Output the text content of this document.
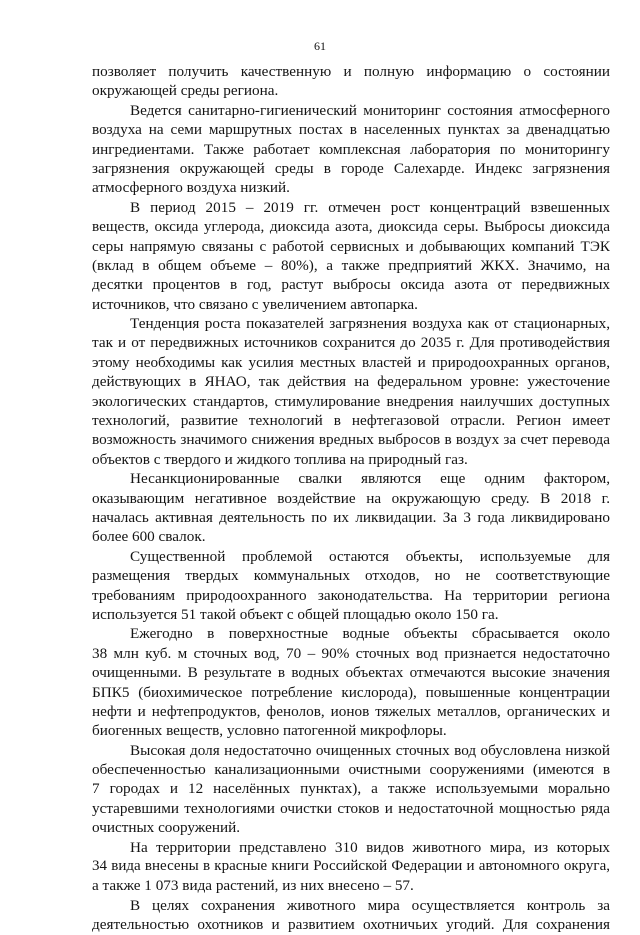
61
позволяет получить качественную и полную информацию о состоянии
окружающей среды региона.
Ведется санитарно-гигиенический мониторинг состояния атмосферного
воздуха на семи маршрутных постах в населенных пунктах за двенадцатью
ингредиентами. Также работает комплексная лаборатория по мониторингу
загрязнения окружающей среды в городе Салехарде. Индекс загрязнения
атмосферного воздуха низкий.
В период 2015 – 2019 гг. отмечен рост концентраций взвешенных
веществ, оксида углерода, диоксида азота, диоксида серы. Выбросы диоксида
серы напрямую связаны с работой сервисных и добывающих компаний ТЭК
(вклад в общем объеме – 80%), а также предприятий ЖКХ. Значимо, на
десятки процентов в год, растут выбросы оксида азота от передвижных
источников, что связано с увеличением автопарка.
Тенденция роста показателей загрязнения воздуха как от стационарных,
так и от передвижных источников сохранится до 2035 г. Для противодействия
этому необходимы как усилия местных властей и природоохранных органов,
действующих в ЯНАО, так действия на федеральном уровне: ужесточение
экологических стандартов, стимулирование внедрения наилучших доступных
технологий, развитие технологий в нефтегазовой отрасли. Регион имеет
возможность значимого снижения вредных выбросов в воздух за счет перевода
объектов с твердого и жидкого топлива на природный газ.
Несанкционированные свалки являются еще одним фактором,
оказывающим негативное воздействие на окружающую среду. В 2018 г.
началась активная деятельность по их ликвидации. За 3 года ликвидировано
более 600 свалок.
Существенной проблемой остаются объекты, используемые для
размещения твердых коммунальных отходов, но не соответствующие
требованиям природоохранного законодательства. На территории региона
используется 51 такой объект с общей площадью около 150 га.
Ежегодно в поверхностные водные объекты сбрасывается около
38 млн куб. м сточных вод, 70 – 90% сточных вод признается недостаточно
очищенными. В результате в водных объектах отмечаются высокие значения
БПК5 (биохимическое потребление кислорода), повышенные концентрации
нефти и нефтепродуктов, фенолов, ионов тяжелых металлов, органических и
биогенных веществ, условно патогенной микрофлоры.
Высокая доля недостаточно очищенных сточных вод обусловлена низкой
обеспеченностью канализационными очистными сооружениями (имеются в
7 городах и 12 населённых пунктах), а также используемыми морально
устаревшими технологиями очистки стоков и недостаточной мощностью ряда
очистных сооружений.
На территории представлено 310 видов животного мира, из которых
34 вида внесены в красные книги Российской Федерации и автономного округа,
а также 1 073 вида растений, из них внесено – 57.
В целях сохранения животного мира осуществляется контроль за
деятельностью охотников и развитием охотничьих угодий. Для сохранения
